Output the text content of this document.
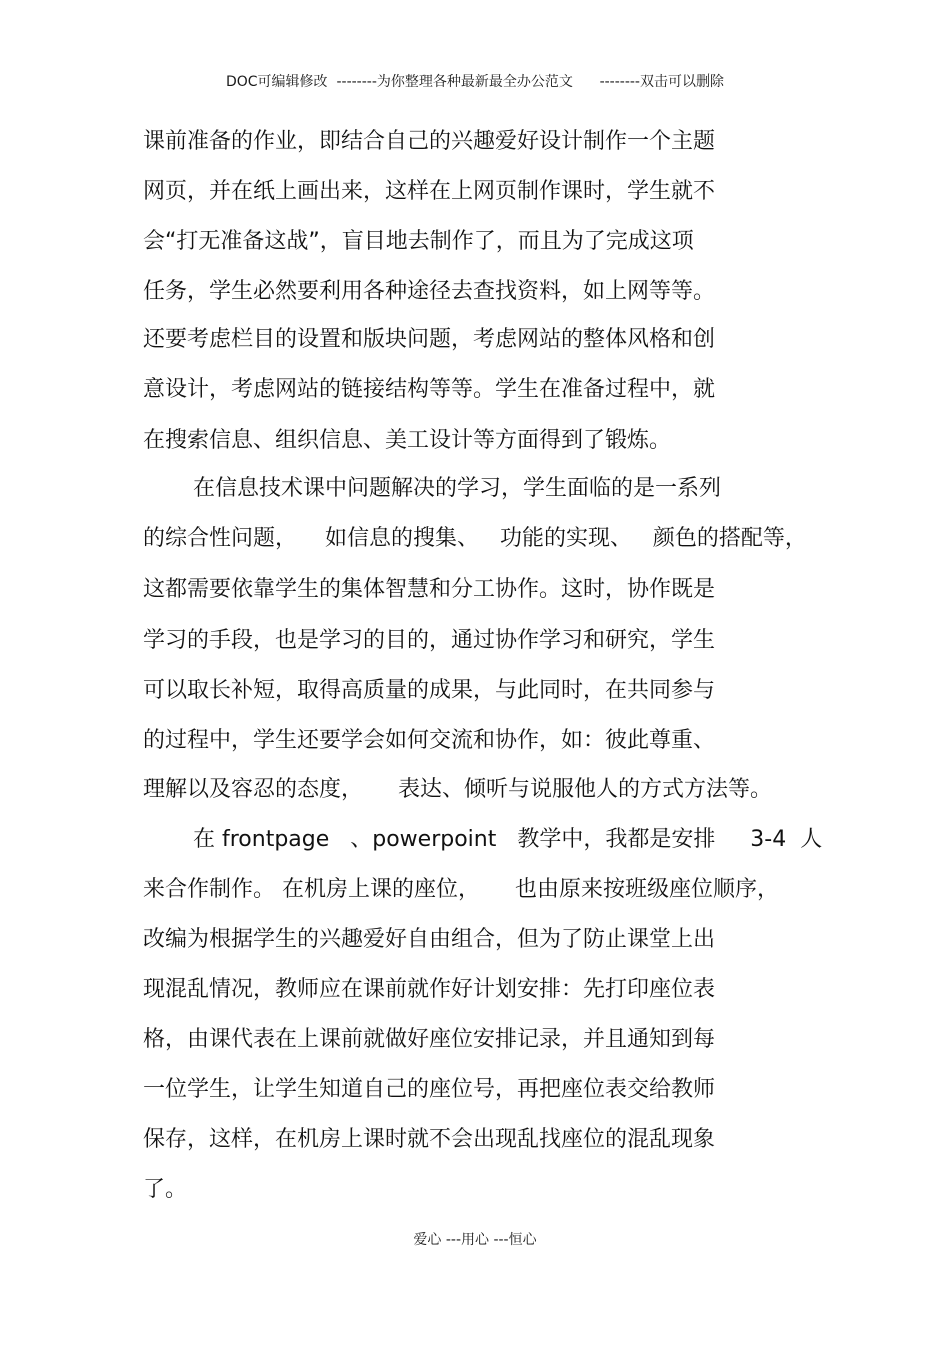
DOC可编辑修改  --------为你整理各种最新最全办公范文      --------双击可以删除
课前准备的作业，即结合自己的兴趣爱好设计制作一个主题
网页，并在纸上画出来，这样在上网页制作课时，学生就不
会“打无准备这战”，盲目地去制作了，而且为了完成这项
任务，学生必然要利用各种途径去查找资料，如上网等等。
还要考虑栏目的设置和版块问题，考虑网站的整体风格和创
意设计，考虑网站的链接结构等等。学生在准备过程中，就
在搜索信息、组织信息、美工设计等方面得到了锻炼。
在信息技术课中问题解决的学习，学生面临的是一系列
的综合性问题，    如信息的搜集、   功能的实现、   颜色的搭配等，
这都需要依靠学生的集体智慧和分工协作。这时，协作既是
学习的手段，也是学习的目的，通过协作学习和研究，学生
可以取长补短，取得高质量的成果，与此同时，在共同参与
的过程中，学生还要学会如何交流和协作，如：彼此尊重、
理解以及容忍的态度，     表达、倾听与说服他人的方式方法等。
在 frontpage   、powerpoint   教学中，我都是安排     3-4  人
来合作制作。 在机房上课的座位，     也由原来按班级座位顺序，
改编为根据学生的兴趣爱好自由组合，但为了防止课堂上出
现混乱情况，教师应在课前就作好计划安排：先打印座位表
格，由课代表在上课前就做好座位安排记录，并且通知到每
一位学生，让学生知道自己的座位号，再把座位表交给教师
保存，这样，在机房上课时就不会出现乱找座位的混乱现象
了。
爱心 ---用心 ---恒心
